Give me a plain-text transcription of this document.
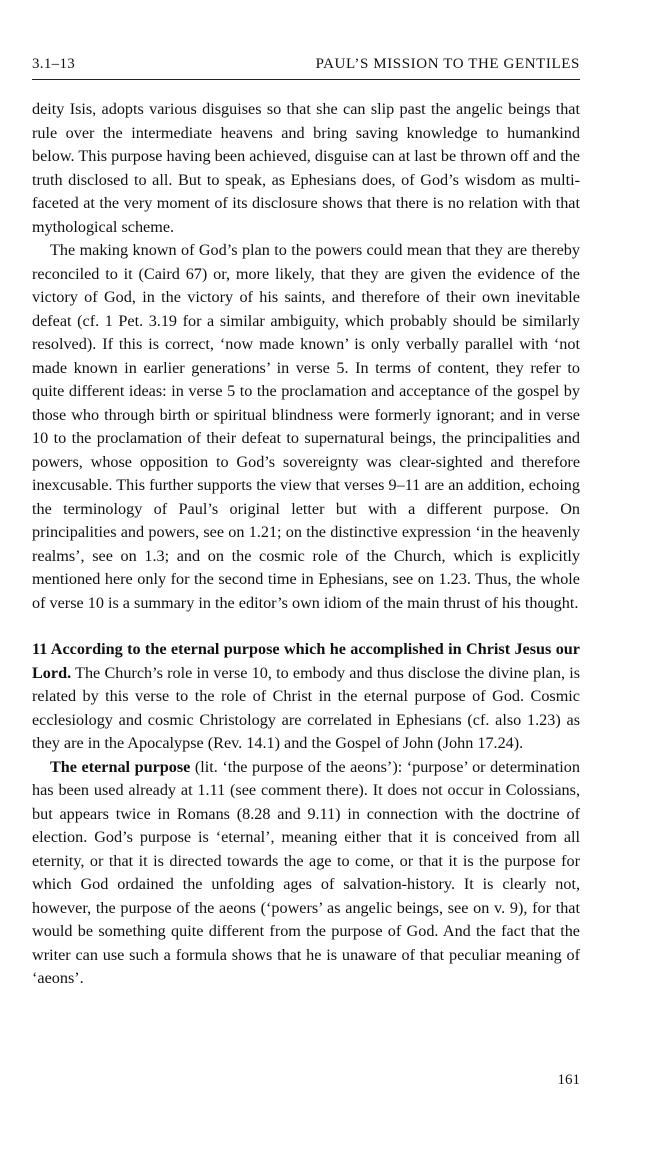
3.1–13	PAUL’S MISSION TO THE GENTILES

deity Isis, adopts various disguises so that she can slip past the angelic beings that rule over the intermediate heavens and bring saving knowledge to humankind below. This purpose having been achieved, disguise can at last be thrown off and the truth disclosed to all. But to speak, as Ephesians does, of God’s wisdom as multi-faceted at the very moment of its disclosure shows that there is no relation with that mythological scheme.

The making known of God’s plan to the powers could mean that they are thereby reconciled to it (Caird 67) or, more likely, that they are given the evidence of the victory of God, in the victory of his saints, and therefore of their own inevitable defeat (cf. 1 Pet. 3.19 for a similar ambiguity, which probably should be similarly resolved). If this is correct, ‘now made known’ is only verbally parallel with ‘not made known in earlier generations’ in verse 5. In terms of content, they refer to quite different ideas: in verse 5 to the proclamation and acceptance of the gospel by those who through birth or spiritual blindness were formerly ignorant; and in verse 10 to the proclamation of their defeat to supernatural beings, the principalities and powers, whose opposition to God’s sovereignty was clear-sighted and therefore inexcusable. This further supports the view that verses 9–11 are an addition, echoing the terminology of Paul’s original letter but with a different purpose. On principalities and powers, see on 1.21; on the distinctive expression ‘in the heavenly realms’, see on 1.3; and on the cosmic role of the Church, which is explicitly mentioned here only for the second time in Ephesians, see on 1.23. Thus, the whole of verse 10 is a summary in the editor’s own idiom of the main thrust of his thought.

11 According to the eternal purpose which he accomplished in Christ Jesus our Lord. The Church’s role in verse 10, to embody and thus disclose the divine plan, is related by this verse to the role of Christ in the eternal purpose of God. Cosmic ecclesiology and cosmic Christology are correlated in Ephesians (cf. also 1.23) as they are in the Apocalypse (Rev. 14.1) and the Gospel of John (John 17.24).

The eternal purpose (lit. ‘the purpose of the aeons’): ‘purpose’ or determination has been used already at 1.11 (see comment there). It does not occur in Colossians, but appears twice in Romans (8.28 and 9.11) in connection with the doctrine of election. God’s purpose is ‘eternal’, meaning either that it is conceived from all eternity, or that it is directed towards the age to come, or that it is the purpose for which God ordained the unfolding ages of salvation-history. It is clearly not, however, the purpose of the aeons (‘powers’ as angelic beings, see on v. 9), for that would be something quite different from the purpose of God. And the fact that the writer can use such a formula shows that he is unaware of that peculiar meaning of ‘aeons’.

161
